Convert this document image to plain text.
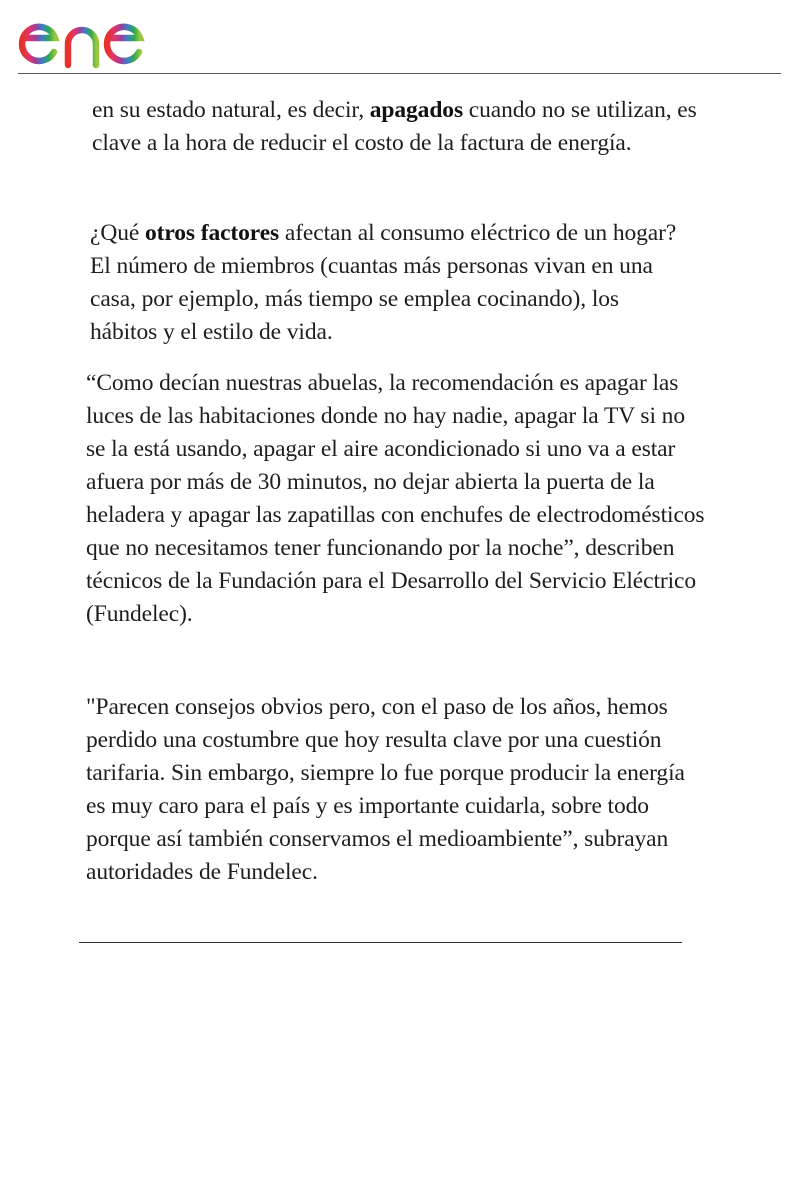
en su estado natural, es decir, apagados cuando no se utilizan, es clave a la hora de reducir el costo de la factura de energía.

¿Qué otros factores afectan al consumo eléctrico de un hogar? El número de miembros (cuantas más personas vivan en una casa, por ejemplo, más tiempo se emplea cocinando), los hábitos y el estilo de vida.

“Como decían nuestras abuelas, la recomendación es apagar las luces de las habitaciones donde no hay nadie, apagar la TV si no se la está usando, apagar el aire acondicionado si uno va a estar afuera por más de 30 minutos, no dejar abierta la puerta de la heladera y apagar las zapatillas con enchufes de electrodomésticos que no necesitamos tener funcionando por la noche”, describen técnicos de la Fundación para el Desarrollo del Servicio Eléctrico (Fundelec).

"Parecen consejos obvios pero, con el paso de los años, hemos perdido una costumbre que hoy resulta clave por una cuestión tarifaria. Sin embargo, siempre lo fue porque producir la energía es muy caro para el país y es importante cuidarla, sobre todo porque así también conservamos el medioambiente”, subrayan autoridades de Fundelec.
